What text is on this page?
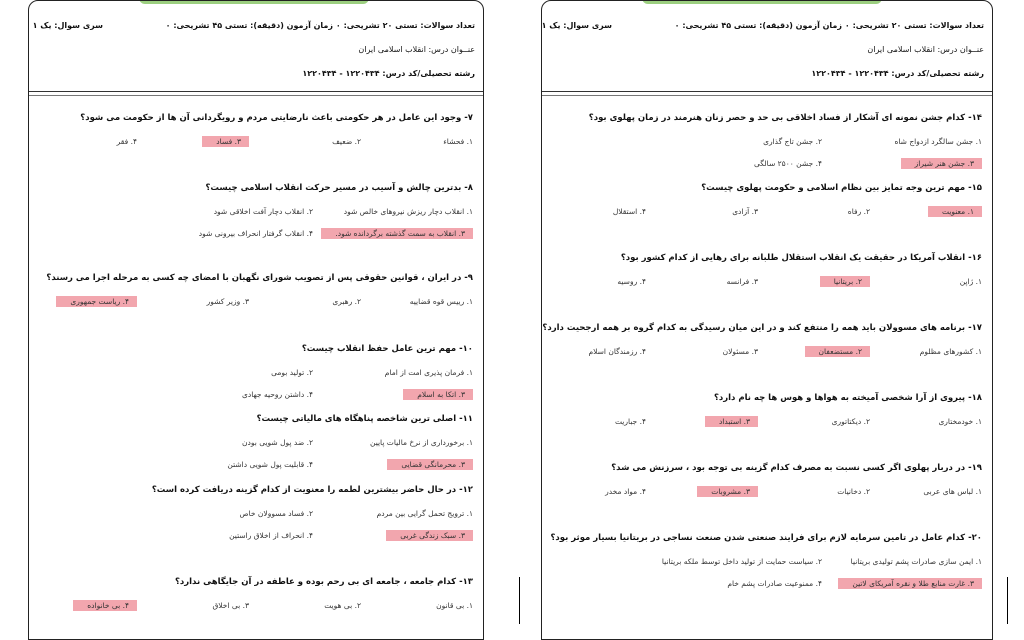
تعداد سوالات: تستی ۲۰ تشریحی: ۰
زمان آزمون (دقیقه): تستی ۴۵ تشریحی: ۰
سری سوال: یک ۱
عنــوان درس: انقلاب اسلامی ایران
رشته تحصیلی/کد درس: ۱۲۲۰۴۳۴ - ۱۲۲۰۴۳۴
۷- وجود این عامل در هر حکومتی باعث نارضایتی مردم و رویگردانی آن ها از حکومت می شود؟
۱. فحشاء
۲. ضعیف
۳. فساد
۴. فقر
۸- بدترین چالش و آسیب در مسیر حرکت انقلاب اسلامی چیست؟
۱. انقلاب دچار ریزش نیروهای خالص شود
۲. انقلاب دچار آفت اخلاقی شود
۳. انقلاب به سمت گذشته برگردانده شود.
۴. انقلاب گرفتار انحراف بیرونی شود
۹- در ایران ، قوانین حقوقی پس از تصویب شورای نگهبان با امضای چه کسی به مرحله اجرا می رسند؟
۱. رییس قوه قضاییه
۲. رهبری
۳. وزیر کشور
۴. ریاست جمهوری
۱۰- مهم ترین عامل حفظ انقلاب چیست؟
۱. فرمان پذیری امت از امام
۲. تولید بومی
۳. اتکا به اسلام
۴. داشتن روحیه جهادی
۱۱- اصلی ترین شاخصه پناهگاه های مالیاتی چیست؟
۱. برخورداری از نرخ مالیات پایین
۲. ضد پول شویی بودن
۳. محرمانگی قضایی
۴. قابلیت پول شویی داشتن
۱۲- در حال حاضر بیشترین لطمه را معنویت از کدام گزینه دریافت کرده است؟
۱. ترویج تحمل گرایی بین مردم
۲. فساد مسوولان خاص
۳. سبک زندگی غربی
۴. انحراف از اخلاق راستین
۱۳- کدام جامعه ، جامعه ای بی رحم بوده و عاطفه در آن جایگاهی ندارد؟
۱. بی قانون
۲. بی هویت
۳. بی اخلاق
۴. بی خانواده
تعداد سوالات: تستی ۲۰ تشریحی: ۰
زمان آزمون (دقیقه): تستی ۴۵ تشریحی: ۰
سری سوال: یک ۱
عنــوان درس: انقلاب اسلامی ایران
رشته تحصیلی/کد درس: ۱۲۲۰۴۳۴ - ۱۲۲۰۴۳۴
۱۴- کدام جشن نمونه ای آشکار از فساد اخلاقی بی حد و حصر زنان هنرمند در زمان پهلوی بود؟
۱. جشن سالگرد ازدواج شاه
۲. جشن تاج گذاری
۳. جشن هنر شیراز
۴. جشن ۲۵۰۰ سالگی
۱۵- مهم ترین وجه تمایز بین نظام اسلامی و حکومت پهلوی چیست؟
۱. معنویت
۲. رفاه
۳. آزادی
۴. استقلال
۱۶- انقلاب آمریکا در حقیقت یک انقلاب استقلال طلبانه برای رهایی از کدام کشور بود؟
۱. ژاپن
۲. بریتانیا
۳. فرانسه
۴. روسیه
۱۷- برنامه های مسوولان باید همه را منتفع کند و در این میان رسیدگی به کدام گروه بر همه ارجحیت دارد؟
۱. کشورهای مظلوم
۲. مستضعفان
۳. مسئولان
۴. رزمندگان اسلام
۱۸- پیروی از آرا شخصی آمیخته به هواها و هوس ها چه نام دارد؟
۱. خودمختاری
۲. دیکتاتوری
۳. استبداد
۴. جباریت
۱۹- در دربار پهلوی اگر کسی نسبت به مصرف کدام گزینه بی توجه بود ، سرزنش می شد؟
۱. لباس های عربی
۲. دخانیات
۳. مشروبات
۴. مواد مخدر
۲۰- کدام عامل در تامین سرمایه لازم برای فرایند صنعتی شدن صنعت نساجی در بریتانیا بسیار موثر بود؟
۱. ایمن سازی صادرات پشم تولیدی بریتانیا
۲. سیاست حمایت از تولید داخل توسط ملکه بریتانیا
۳. غارت منابع طلا و نقره آمریکای لاتین
۴. ممنوعیت صادرات پشم خام
